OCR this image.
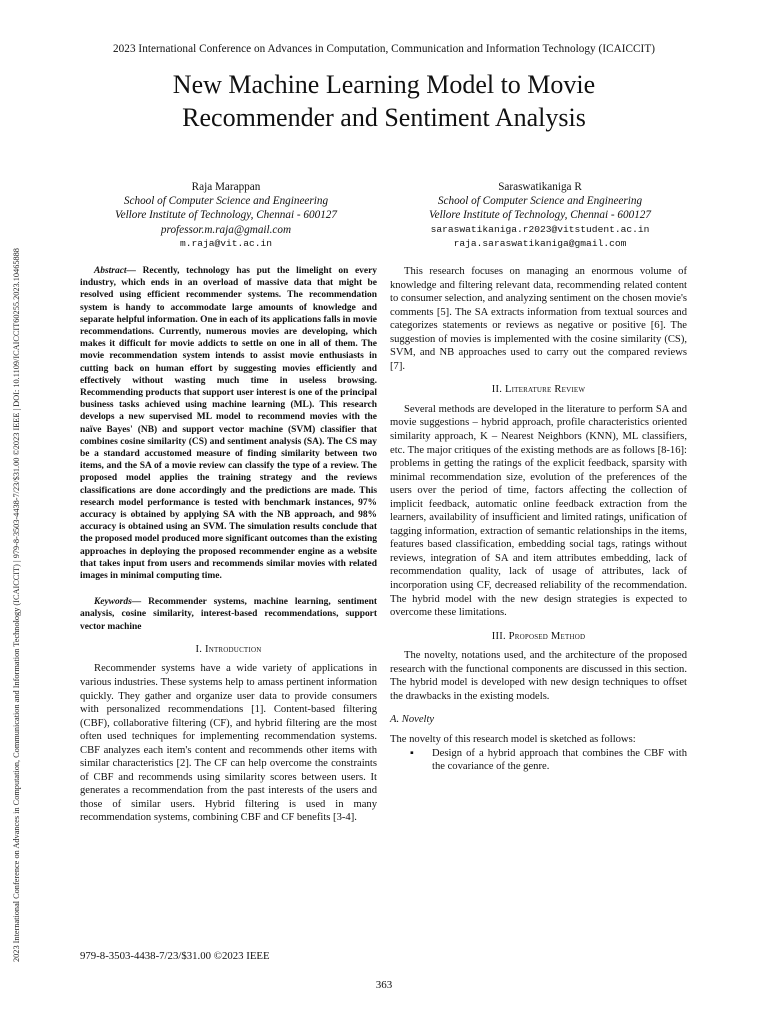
2023 International Conference on Advances in Computation, Communication and Information Technology (ICAICCIT) | 979-8-3503-4438-7/23/$31.00 ©2023 IEEE | DOI: 10.1109/ICAICCIT60255.2023.10465888
2023 International Conference on Advances in Computation, Communication and Information Technology (ICAICCIT)
New Machine Learning Model to Movie
Recommender and Sentiment Analysis
Raja Marappan
School of Computer Science and Engineering
Vellore Institute of Technology, Chennai - 600127
professor.m.raja@gmail.com
m.raja@vit.ac.in
Saraswatikaniga R
School of Computer Science and Engineering
Vellore Institute of Technology, Chennai - 600127
saraswatikaniga.r2023@vitstudent.ac.in
raja.saraswatikaniga@gmail.com

Abstract— Recently, technology has put the limelight on every industry, which ends in an overload of massive data that might be resolved using efficient recommender systems. The recommendation system is handy to accommodate large amounts of knowledge and separate helpful information. One in each of its applications falls in movie recommendations. Currently, numerous movies are developing, which makes it difficult for movie addicts to settle on one in all of them. The movie recommendation system intends to assist movie enthusiasts in cutting back on human effort by suggesting movies efficiently and effectively without wasting much time in useless browsing. Recommending products that support user interest is one of the principal business tasks achieved using machine learning (ML). This research develops a new supervised ML model to recommend movies with the naïve Bayes' (NB) and support vector machine (SVM) classifier that combines cosine similarity (CS) and sentiment analysis (SA). The CS may be a standard accustomed measure of finding similarity between two items, and the SA of a movie review can classify the type of a review. The proposed model applies the training strategy and the reviews classifications are done accordingly and the predictions are made. This research model performance is tested with benchmark instances, 97% accuracy is obtained by applying SA with the NB approach, and 98% accuracy is obtained using an SVM. The simulation results conclude that the proposed model produced more significant outcomes than the existing approaches in deploying the proposed recommender engine as a website that takes input from users and recommends similar movies with related images in minimal computing time.

Keywords— Recommender systems, machine learning, sentiment analysis, cosine similarity, interest-based recommendations, support vector machine

I. Introduction

Recommender systems have a wide variety of applications in various industries. These systems help to amass pertinent information quickly. They gather and organize user data to provide consumers with personalized recommendations [1]. Content-based filtering (CBF), collaborative filtering (CF), and hybrid filtering are the most often used techniques for implementing recommendation systems. CBF analyzes each item's content and recommends other items with similar characteristics [2]. The CF can help overcome the constraints of CBF and recommends using similarity scores between users. It generates a recommendation from the past interests of the users and those of similar users. Hybrid filtering is used in many recommendation systems, combining CBF and CF benefits [3-4].

This research focuses on managing an enormous volume of knowledge and filtering relevant data, recommending related content to consumer selection, and analyzing sentiment on the chosen movie's comments [5]. The SA extracts information from textual sources and categorizes statements or reviews as negative or positive [6]. The suggestion of movies is implemented with the cosine similarity (CS), SVM, and NB approaches used to carry out the compared reviews [7].

II. Literature Review

Several methods are developed in the literature to perform SA and movie suggestions – hybrid approach, profile characteristics oriented similarity approach, K – Nearest Neighbors (KNN), ML classifiers, etc. The major critiques of the existing methods are as follows [8-16]: problems in getting the ratings of the explicit feedback, sparsity with minimal recommendation size, evolution of the preferences of the users over the period of time, factors affecting the collection of implicit feedback, automatic online feedback extraction from the learners, availability of insufficient and limited ratings, unification of tagging information, extraction of semantic relationships in the items, features based classification, embedding social tags, ratings without reviews, integration of SA and item attributes embedding, lack of recommendation quality, lack of usage of attributes, lack of incorporation using CF, decreased reliability of the recommendation. The hybrid model with the new design strategies is expected to overcome these limitations.

III. Proposed Method

The novelty, notations used, and the architecture of the proposed research with the functional components are discussed in this section. The hybrid model is developed with new design techniques to offset the drawbacks in the existing models.

A. Novelty

The novelty of this research model is sketched as follows:

▪ Design of a hybrid approach that combines the CBF with the covariance of the genre.
979-8-3503-4438-7/23/$31.00 ©2023 IEEE
363
